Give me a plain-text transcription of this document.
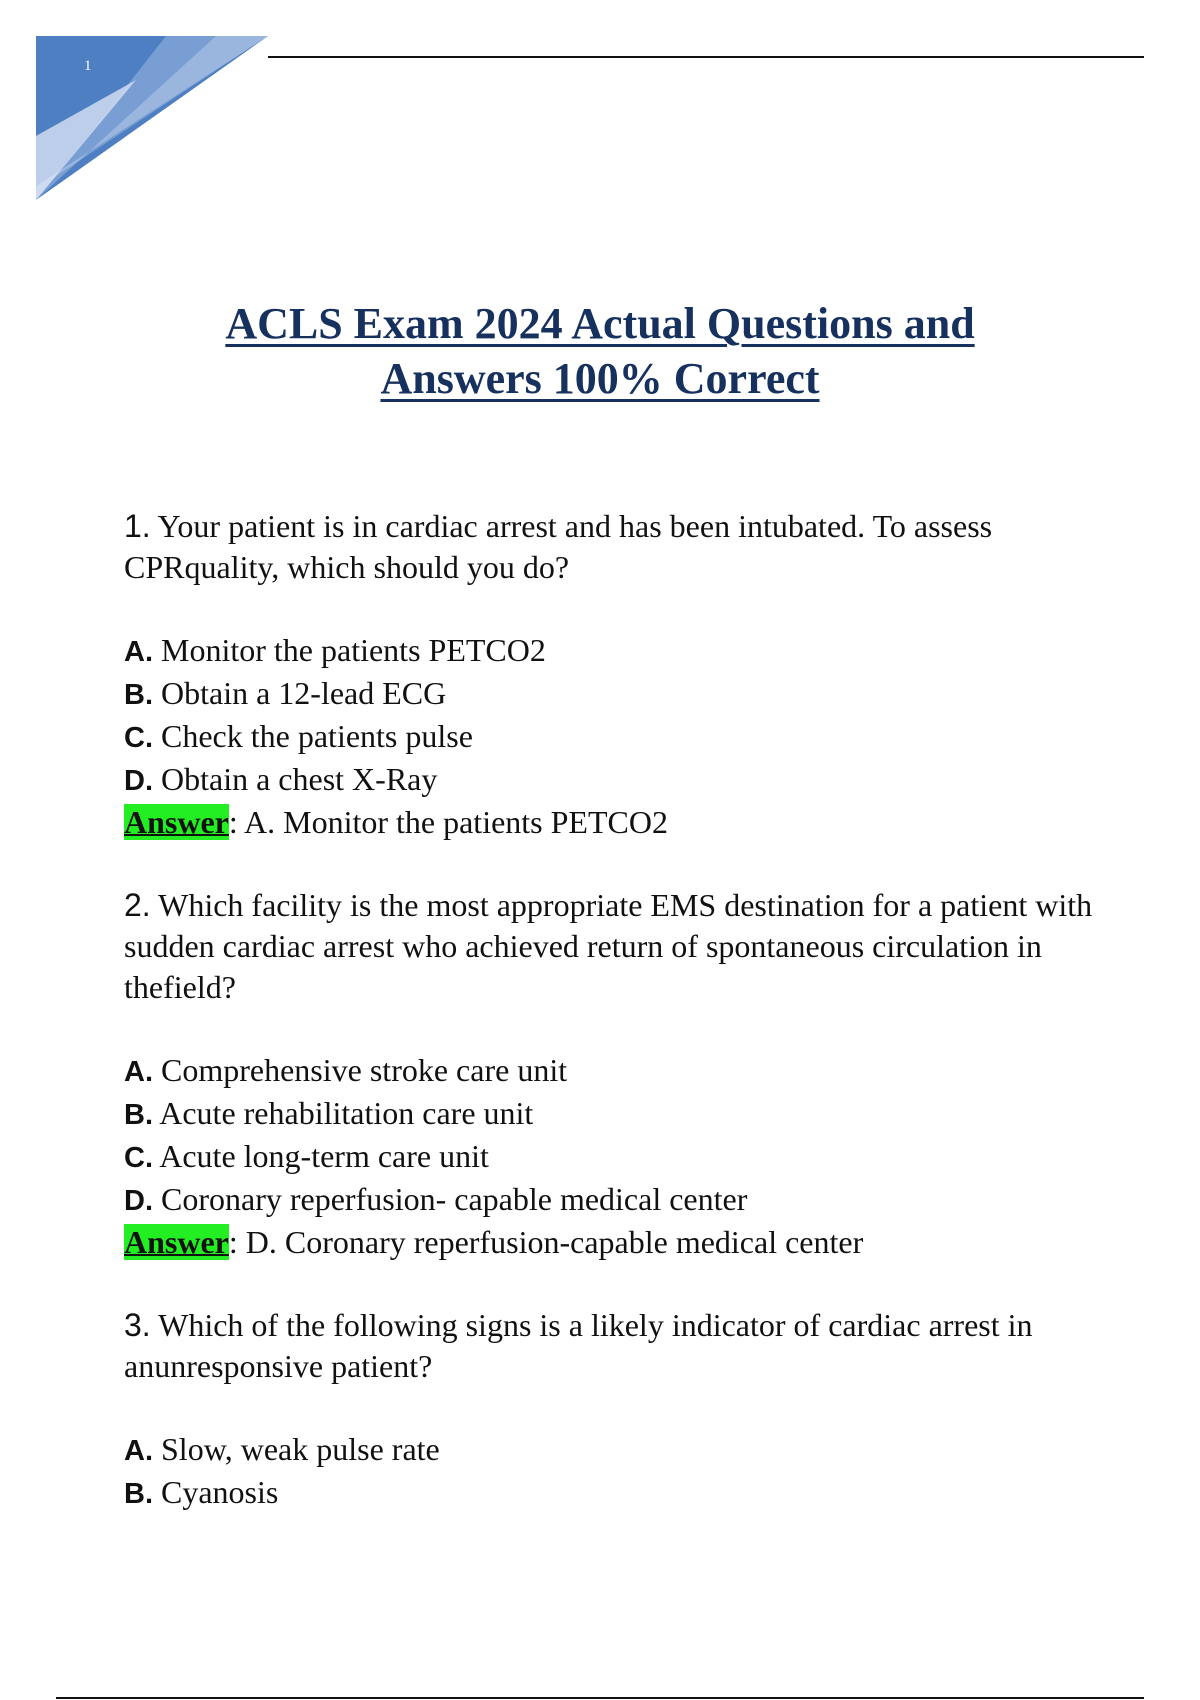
1
ACLS Exam 2024 Actual Questions and
Answers 100% Correct

1. Your patient is in cardiac arrest and has been intubated. To assess CPRquality, which should you do?

A. Monitor the patients PETCO2

B. Obtain a 12-lead ECG

C. Check the patients pulse

D. Obtain a chest X-Ray

Answer: A. Monitor the patients PETCO2

2. Which facility is the most appropriate EMS destination for a patient with sudden cardiac arrest who achieved return of spontaneous circulation in thefield?

A. Comprehensive stroke care unit

B. Acute rehabilitation care unit

C. Acute long-term care unit

D. Coronary reperfusion- capable medical center

Answer: D. Coronary reperfusion-capable medical center

3. Which of the following signs is a likely indicator of cardiac arrest in anunresponsive patient?

A. Slow, weak pulse rate

B. Cyanosis
